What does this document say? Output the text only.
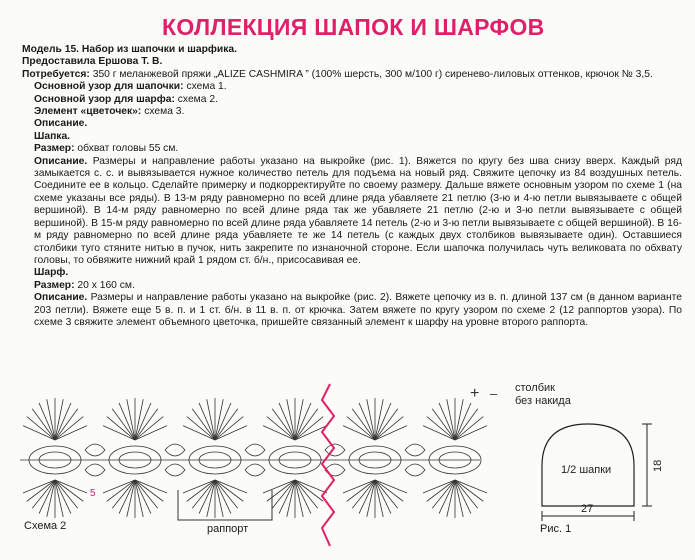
КОЛЛЕКЦИЯ ШАПОК И ШАРФОВ

Модель 15. Набор из шапочки и шарфика.

Предоставила Ершова Т. В.

Потребуется: 350 г меланжевой пряжи „ALIZE CASHMIRA ” (100% шерсть, 300 м/100 г) сиренево-лиловых оттенков, крючок № 3,5.

Основной узор для шапочки: схема 1.

Основной узор для шарфа: схема 2.

Элемент «цветочек»: схема 3.

Описание.

Шапка.

Размер: обхват головы 55 см.

Описание. Размеры и направление работы указано на выкройке (рис. 1). Вяжется по кругу без шва снизу вверх. Каждый ряд замыкается с. с. и вывязывается нужное количество петель для подъема на новый ряд. Свяжите цепочку из 84 воздушных петель. Соедините ее в кольцо. Сделайте примерку и подкорректируйте по своему размеру. Дальше вяжете основным узором по схеме 1 (на схеме указаны все ряды). В 13-м ряду равномерно по всей длине ряда убавляете 21 петлю (3-ю и 4-ю петли вывязываете с общей вершиной). В 14-м ряду равномерно по всей длине ряда так же убавляете 21 петлю (2-ю и 3-ю петли вывязываете с общей вершиной). В 15-м ряду равномерно по всей длине ряда убавляете 14 петель (2-ю и 3-ю петли вывязываете с общей вершиной). В 16-м ряду равномерно по всей длине ряда убавляете те же 14 петель (с каждых двух столбиков вывязываете один). Оставшиеся столбики туго стяните нитью в пучок, нить закрепите по изнаночной стороне. Если шапочка получилась чуть великовата по обхвату головы, то обвяжите нижний край 1 рядом ст. б/н., присосавивая ее.

Шарф.

Размер: 20 х 160 см.

Описание. Размеры и направление работы указано на выкройке (рис. 2). Вяжете цепочку из в. п. длиной 137 см (в данном варианте 203 петли). Вяжете еще 5 в. п. и 1 ст. б/н. в 11 в. п. от крючка. Затем вяжете по кругу узором по схеме 2 (12 раппортов узора). По схеме 3 свяжите элемент объемного цветочка, пришейте связанный элемент к шарфу на уровне второго раппорта.

+ – столбик
без накида
1/2 шапки	18
27
5
Схема 2	раппорт	Рис. 1
